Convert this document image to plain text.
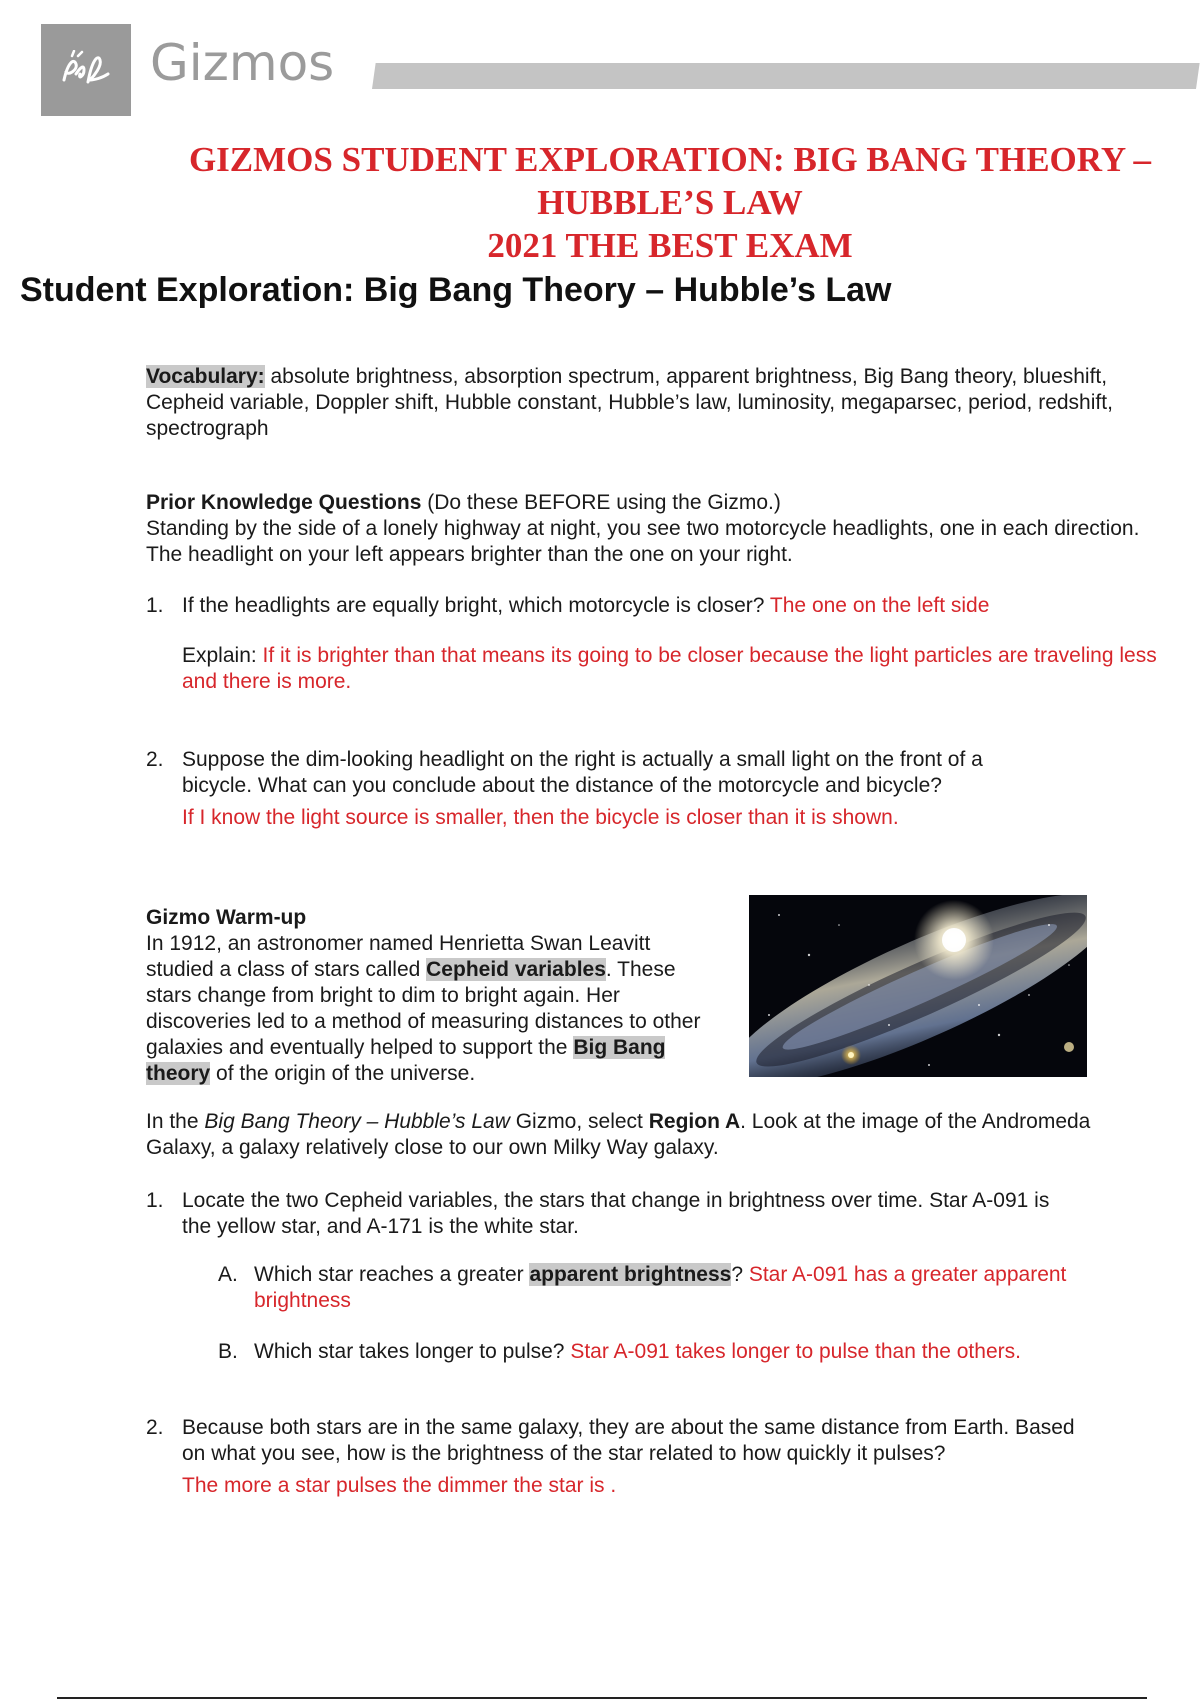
Gizmos
GIZMOS STUDENT EXPLORATION: BIG BANG THEORY –
HUBBLE’S LAW
2021 THE BEST EXAM
Student Exploration: Big Bang Theory – Hubble’s Law

Vocabulary: absolute brightness, absorption spectrum, apparent brightness, Big Bang theory, blueshift, Cepheid variable, Doppler shift, Hubble constant, Hubble’s law, luminosity, megaparsec, period, redshift, spectrograph

Prior Knowledge Questions (Do these BEFORE using the Gizmo.)

Standing by the side of a lonely highway at night, you see two motorcycle headlights, one in each direction. The headlight on your left appears brighter than the one on your right.

1. If the headlights are equally bright, which motorcycle is closer? The one on the left side

Explain: If it is brighter than that means its going to be closer because the light particles are traveling less and there is more.

2. Suppose the dim-looking headlight on the right is actually a small light on the front of a bicycle. What can you conclude about the distance of the motorcycle and bicycle?

If I know the light source is smaller, then the bicycle is closer than it is shown.

Gizmo Warm-up

In 1912, an astronomer named Henrietta Swan Leavitt studied a class of stars called Cepheid variables. These stars change from bright to dim to bright again. Her discoveries led to a method of measuring distances to other galaxies and eventually helped to support the Big Bang theory of the origin of the universe.

In the Big Bang Theory – Hubble’s Law Gizmo, select Region A. Look at the image of the Andromeda Galaxy, a galaxy relatively close to our own Milky Way galaxy.

1. Locate the two Cepheid variables, the stars that change in brightness over time. Star A-091 is the yellow star, and A-171 is the white star.

A. Which star reaches a greater apparent brightness? Star A-091 has a greater apparent brightness

B. Which star takes longer to pulse? Star A-091 takes longer to pulse than the others.

2. Because both stars are in the same galaxy, they are about the same distance from Earth. Based on what you see, how is the brightness of the star related to how quickly it pulses?

The more a star pulses the dimmer the star is .
